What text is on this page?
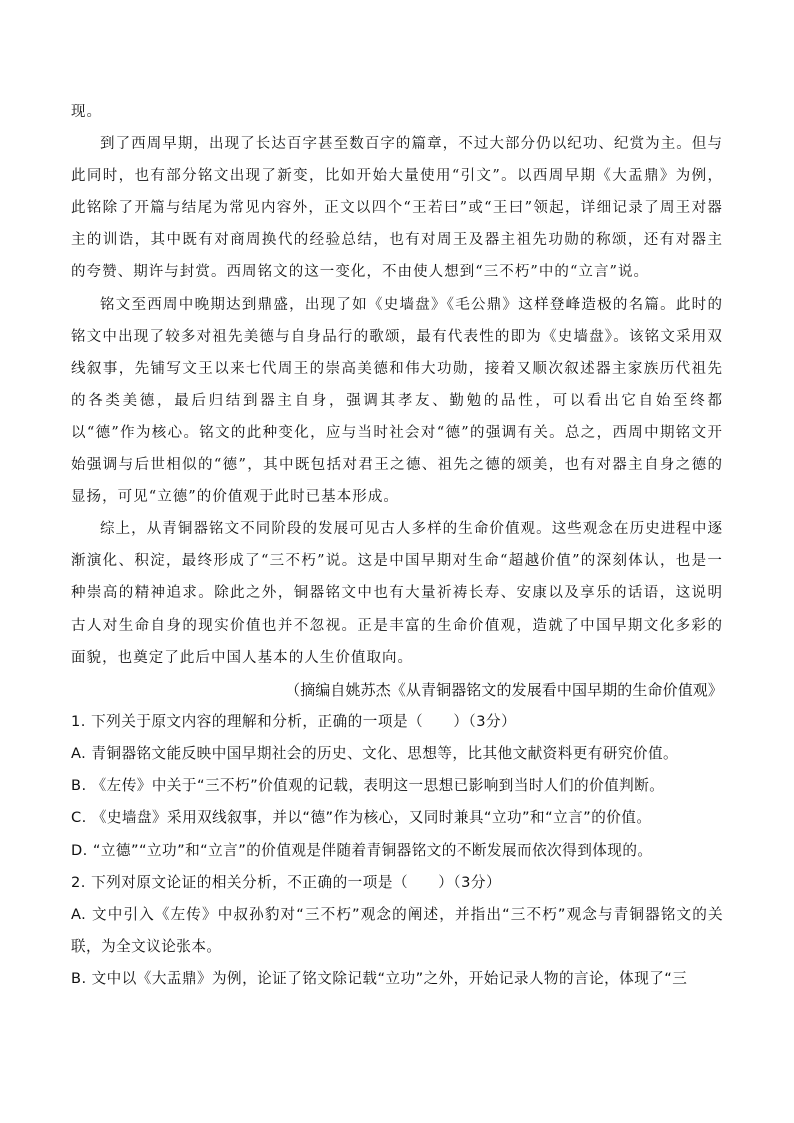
现。

到了西周早期，出现了长达百字甚至数百字的篇章，不过大部分仍以纪功、纪赏为主。但与此同时，也有部分铭文出现了新变，比如开始大量使用“引文”。以西周早期《大盂鼎》为例，此铭除了开篇与结尾为常见内容外，正文以四个“王若曰”或“王曰”领起，详细记录了周王对器主的训诰，其中既有对商周换代的经验总结，也有对周王及器主祖先功勋的称颂，还有对器主的夸赞、期许与封赏。西周铭文的这一变化，不由使人想到“三不朽”中的“立言”说。

铭文至西周中晚期达到鼎盛，出现了如《史墙盘》《毛公鼎》这样登峰造极的名篇。此时的铭文中出现了较多对祖先美德与自身品行的歌颂，最有代表性的即为《史墙盘》。该铭文采用双线叙事，先铺写文王以来七代周王的崇高美德和伟大功勋，接着又顺次叙述器主家族历代祖先的各类美德，最后归结到器主自身，强调其孝友、勤勉的品性，可以看出它自始至终都以“德”作为核心。铭文的此种变化，应与当时社会对“德”的强调有关。总之，西周中期铭文开始强调与后世相似的“德”，其中既包括对君王之德、祖先之德的颂美，也有对器主自身之德的显扬，可见“立德”的价值观于此时已基本形成。

综上，从青铜器铭文不同阶段的发展可见古人多样的生命价值观。这些观念在历史进程中逐渐演化、积淀，最终形成了“三不朽”说。这是中国早期对生命“超越价值”的深刻体认，也是一种崇高的精神追求。除此之外，铜器铭文中也有大量祈祷长寿、安康以及享乐的话语，这说明古人对生命自身的现实价值也并不忽视。正是丰富的生命价值观，造就了中国早期文化多彩的面貌，也奠定了此后中国人基本的人生价值取向。

（摘编自姚苏杰《从青铜器铭文的发展看中国早期的生命价值观》

1. 下列关于原文内容的理解和分析，正确的一项是（　　）（3分）

A. 青铜器铭文能反映中国早期社会的历史、文化、思想等，比其他文献资料更有研究价值。

B. 《左传》中关于“三不朽”价值观的记载，表明这一思想已影响到当时人们的价值判断。

C. 《史墙盘》采用双线叙事，并以“德”作为核心，又同时兼具“立功”和“立言”的价值。

D. “立德”“立功”和“立言”的价值观是伴随着青铜器铭文的不断发展而依次得到体现的。

2. 下列对原文论证的相关分析，不正确的一项是（　　）（3分）

A. 文中引入《左传》中叔孙豹对“三不朽”观念的阐述，并指出“三不朽”观念与青铜器铭文的关联，为全文议论张本。

B. 文中以《大盂鼎》为例，论证了铭文除记载“立功”之外，开始记录人物的言论，体现了“三
